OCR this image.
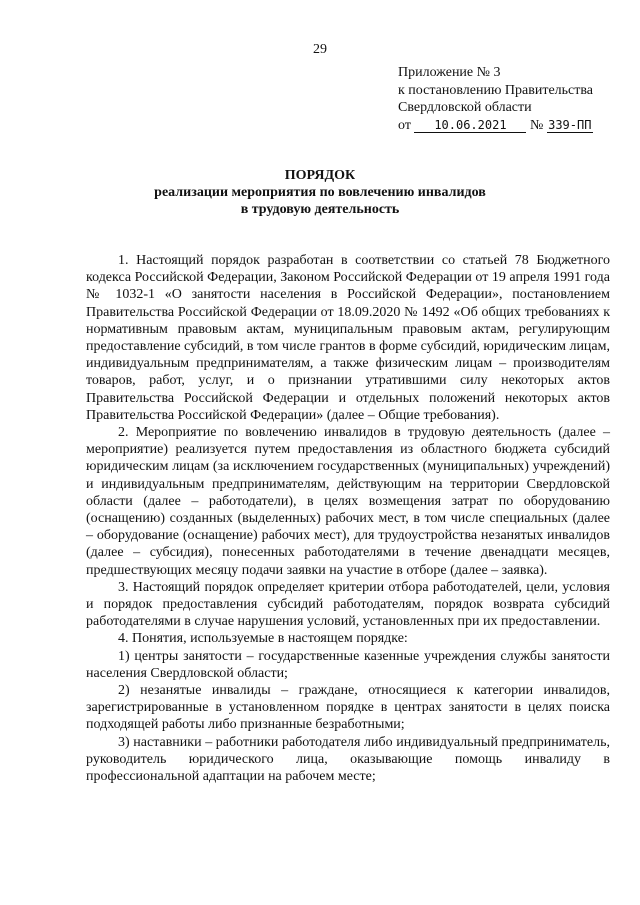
29
Приложение № 3
к постановлению Правительства
Свердловской области
от 10.06.2021 № 339-ПП
ПОРЯДОК
реализации мероприятия по вовлечению инвалидов
в трудовую деятельность

1. Настоящий порядок разработан в соответствии со статьей 78 Бюджетного кодекса Российской Федерации, Законом Российской Федерации от 19 апреля 1991 года № 1032-1 «О занятости населения в Российской Федерации», постановлением Правительства Российской Федерации от 18.09.2020 № 1492 «Об общих требованиях к нормативным правовым актам, муниципальным правовым актам, регулирующим предоставление субсидий, в том числе грантов в форме субсидий, юридическим лицам, индивидуальным предпринимателям, а также физическим лицам – производителям товаров, работ, услуг, и о признании утратившими силу некоторых актов Правительства Российской Федерации и отдельных положений некоторых актов Правительства Российской Федерации» (далее – Общие требования).

2. Мероприятие по вовлечению инвалидов в трудовую деятельность (далее – мероприятие) реализуется путем предоставления из областного бюджета субсидий юридическим лицам (за исключением государственных (муниципальных) учреждений) и индивидуальным предпринимателям, действующим на территории Свердловской области (далее – работодатели), в целях возмещения затрат по оборудованию (оснащению) созданных (выделенных) рабочих мест, в том числе специальных (далее – оборудование (оснащение) рабочих мест), для трудоустройства незанятых инвалидов (далее – субсидия), понесенных работодателями в течение двенадцати месяцев, предшествующих месяцу подачи заявки на участие в отборе (далее – заявка).

3. Настоящий порядок определяет критерии отбора работодателей, цели, условия и порядок предоставления субсидий работодателям, порядок возврата субсидий работодателями в случае нарушения условий, установленных при их предоставлении.

4. Понятия, используемые в настоящем порядке:

1) центры занятости – государственные казенные учреждения службы занятости населения Свердловской области;

2) незанятые инвалиды – граждане, относящиеся к категории инвалидов, зарегистрированные в установленном порядке в центрах занятости в целях поиска подходящей работы либо признанные безработными;

3) наставники – работники работодателя либо индивидуальный предприниматель, руководитель юридического лица, оказывающие помощь инвалиду в профессиональной адаптации на рабочем месте;
